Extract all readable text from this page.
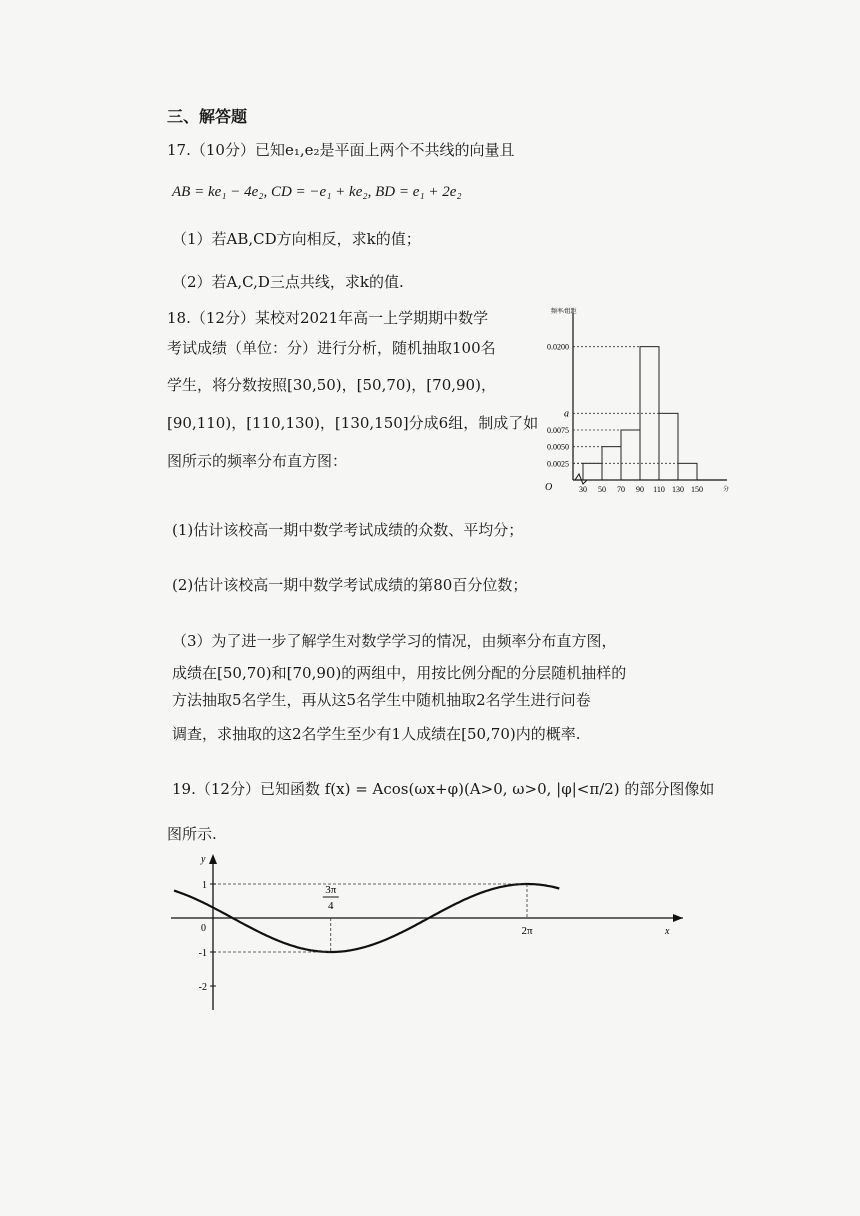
三、解答题
17.（10分）已知e₁,e₂是平面上两个不共线的向量且
AB = ke₁ − 4e₂, CD = −e₁ + ke₂, BD = e₁ + 2e₂
（1）若AB,CD方向相反，求k的值；
（2）若A,C,D三点共线，求k的值.
18.（12分）某校对2021年高一上学期期中数学
考试成绩（单位：分）进行分析，随机抽取100名
学生，将分数按照[30,50)，[50,70)，[70,90)，
[90,110)，[110,130)，[130,150]分成6组，制成了如
图所示的频率分布直方图：	0.0025
0.0050
0.0075
a
0.0200
30 50 70 90 110 130 150
O	分
频率/组距
(1)估计该校高一期中数学考试成绩的众数、平均分；
(2)估计该校高一期中数学考试成绩的第80百分位数；
（3）为了进一步了解学生对数学学习的情况，由频率分布直方图，
成绩在[50,70)和[70,90)的两组中，用按比例分配的分层随机抽样的
方法抽取5名学生，再从这5名学生中随机抽取2名学生进行问卷
调查，求抽取的这2名学生至少有1人成绩在[50,70)内的概率.
19.（12分）已知函数 f(x) = Acos(ωx+φ)(A>0, ω>0, |φ|<π/2) 的部分图像如
图所示.
1
-1
-2
3π
4
2π
0	x
y
